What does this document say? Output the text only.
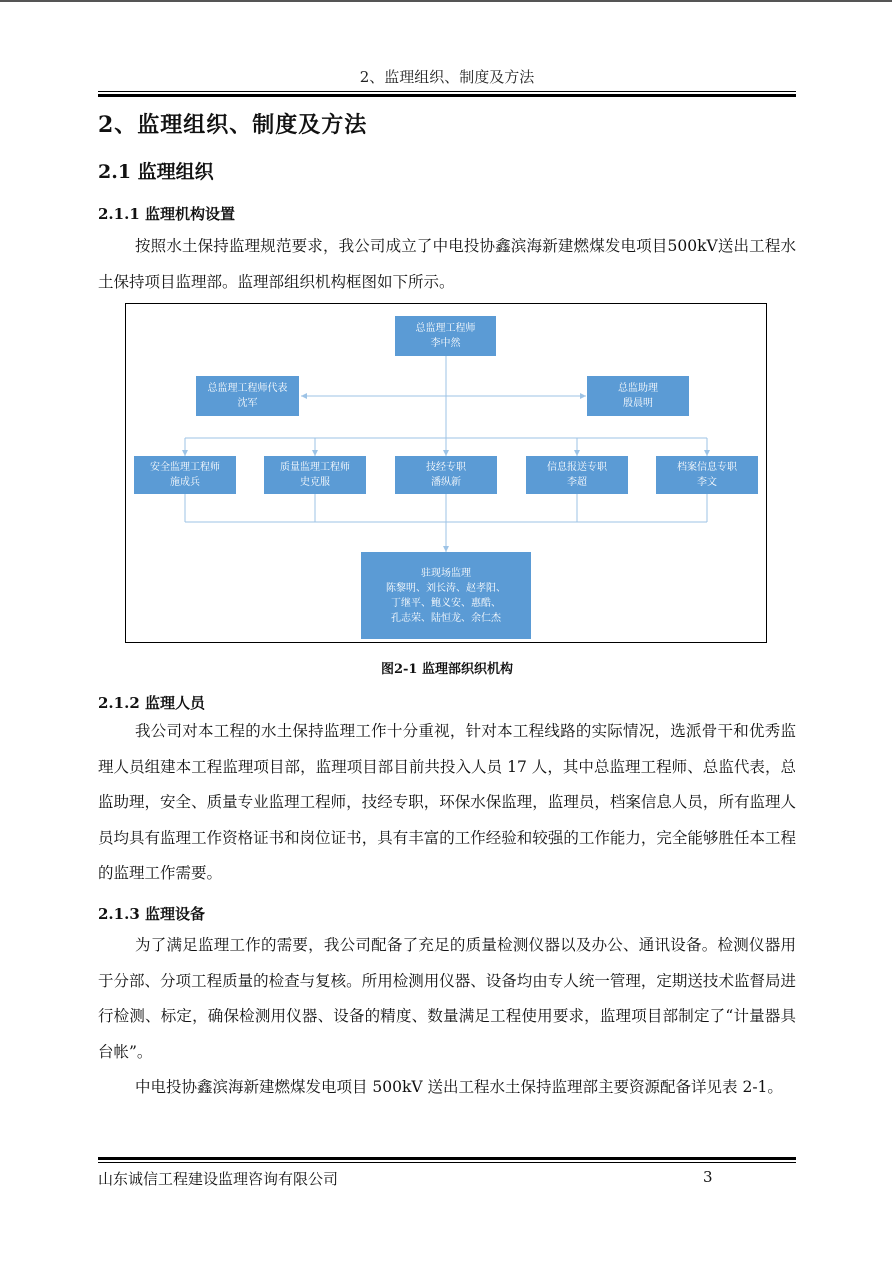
2、监理组织、制度及方法
2、监理组织、制度及方法
2.1 监理组织
2.1.1 监理机构设置

按照水土保持监理规范要求，我公司成立了中电投协鑫滨海新建燃煤发电项目500kV送出工程水土保持项目监理部。监理部组织机构框图如下所示。

总监理工程师
李中然
总监理工程师代表
沈军
总监助理
殷晨明
安全监理工程师
施成兵
质量监理工程师
史克服
技经专职
潘纵新
信息报送专职
李超
档案信息专职
李文
驻现场监理
陈黎明、刘长涛、赵孝阳、
丁继平、鲍义安、惠酷、
孔志荣、陆恒龙、余仁杰
图2-1 监理部织织机构
2.1.2 监理人员

我公司对本工程的水土保持监理工作十分重视，针对本工程线路的实际情况，选派骨干和优秀监理人员组建本工程监理项目部，监理项目部目前共投入人员 17 人，其中总监理工程师、总监代表，总监助理，安全、质量专业监理工程师，技经专职，环保水保监理，监理员，档案信息人员，所有监理人员均具有监理工作资格证书和岗位证书，具有丰富的工作经验和较强的工作能力，完全能够胜任本工程的监理工作需要。

2.1.3 监理设备

为了满足监理工作的需要，我公司配备了充足的质量检测仪器以及办公、通讯设备。检测仪器用于分部、分项工程质量的检查与复核。所用检测用仪器、设备均由专人统一管理，定期送技术监督局进行检测、标定，确保检测用仪器、设备的精度、数量满足工程使用要求，监理项目部制定了“计量器具台帐”。

中电投协鑫滨海新建燃煤发电项目 500kV 送出工程水土保持监理部主要资源配备详见表 2-1。

山东诚信工程建设监理咨询有限公司	3
